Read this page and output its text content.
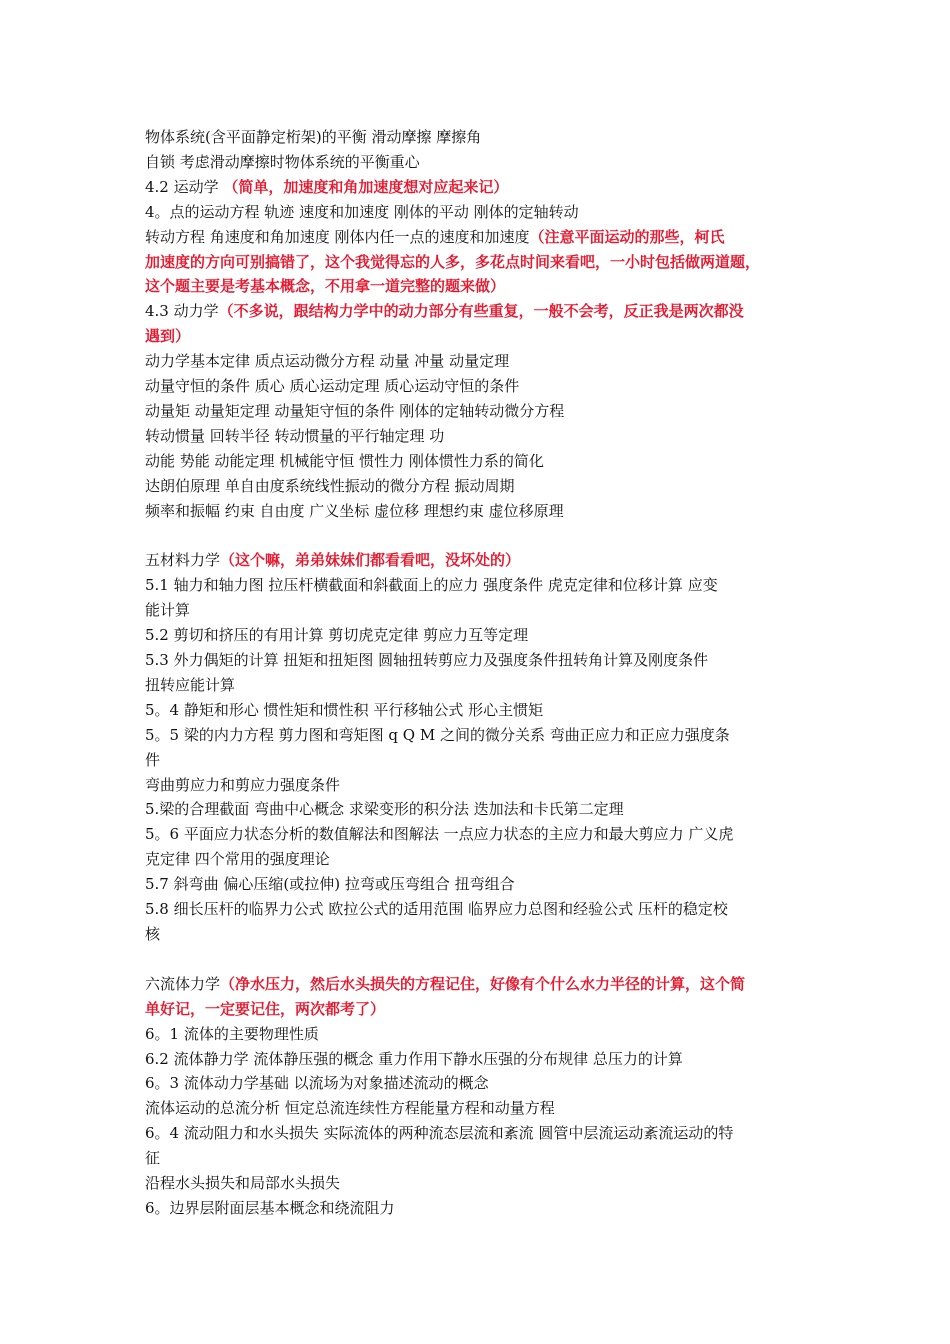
物体系统(含平面静定桁架)的平衡 滑动摩擦 摩擦角
自锁 考虑滑动摩擦时物体系统的平衡重心
4.2 运动学 （简单，加速度和角加速度想对应起来记）
4。点的运动方程 轨迹 速度和加速度 刚体的平动 刚体的定轴转动
转动方程 角速度和角加速度 刚体内任一点的速度和加速度（注意平面运动的那些，柯氏
加速度的方向可别搞错了，这个我觉得忘的人多，多花点时间来看吧，一小时包括做两道题，
这个题主要是考基本概念，不用拿一道完整的题来做）
4.3 动力学（不多说，跟结构力学中的动力部分有些重复，一般不会考，反正我是两次都没
遇到）
动力学基本定律 质点运动微分方程 动量 冲量 动量定理
动量守恒的条件 质心 质心运动定理 质心运动守恒的条件
动量矩 动量矩定理 动量矩守恒的条件 刚体的定轴转动微分方程
转动惯量 回转半径 转动惯量的平行轴定理 功
动能 势能 动能定理 机械能守恒 惯性力 刚体惯性力系的简化
达朗伯原理 单自由度系统线性振动的微分方程 振动周期
频率和振幅 约束 自由度 广义坐标 虚位移 理想约束 虚位移原理
五材料力学（这个嘛，弟弟妹妹们都看看吧，没坏处的）
5.1 轴力和轴力图 拉压杆横截面和斜截面上的应力 强度条件 虎克定律和位移计算 应变
能计算
5.2 剪切和挤压的有用计算 剪切虎克定律 剪应力互等定理
5.3 外力偶矩的计算 扭矩和扭矩图 圆轴扭转剪应力及强度条件扭转角计算及刚度条件
扭转应能计算
5。4 静矩和形心 惯性矩和惯性积 平行移轴公式 形心主惯矩
5。5 梁的内力方程 剪力图和弯矩图 q Q M 之间的微分关系 弯曲正应力和正应力强度条
件
弯曲剪应力和剪应力强度条件
5.梁的合理截面 弯曲中心概念 求梁变形的积分法 迭加法和卡氏第二定理
5。6 平面应力状态分析的数值解法和图解法 一点应力状态的主应力和最大剪应力 广义虎
克定律 四个常用的强度理论
5.7 斜弯曲 偏心压缩(或拉伸) 拉弯或压弯组合 扭弯组合
5.8 细长压杆的临界力公式 欧拉公式的适用范围 临界应力总图和经验公式 压杆的稳定校
核
六流体力学（净水压力，然后水头损失的方程记住，好像有个什么水力半径的计算，这个简
单好记，一定要记住，两次都考了）
6。1 流体的主要物理性质
6.2 流体静力学 流体静压强的概念 重力作用下静水压强的分布规律 总压力的计算
6。3 流体动力学基础 以流场为对象描述流动的概念
流体运动的总流分析 恒定总流连续性方程能量方程和动量方程
6。4 流动阻力和水头损失 实际流体的两种流态层流和紊流 圆管中层流运动紊流运动的特
征
沿程水头损失和局部水头损失
6。边界层附面层基本概念和绕流阻力
